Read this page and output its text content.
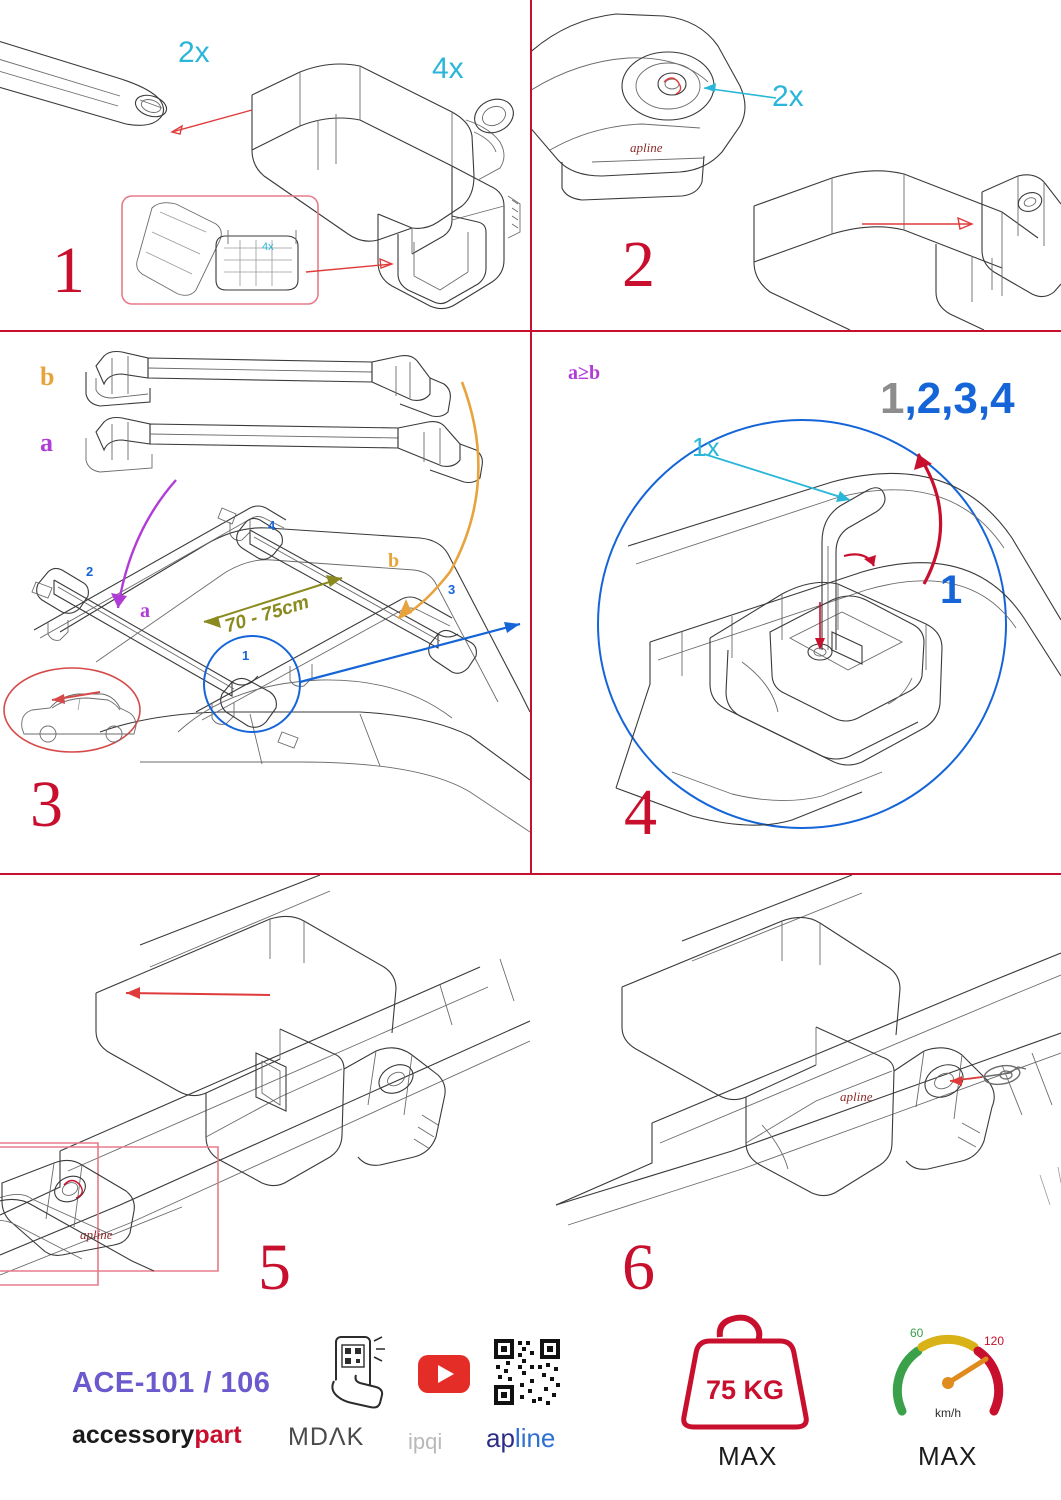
4x
2x	4x
1
apline
2x
2
2
4
3
1
b
a
a
b
70 - 75cm
3
a≥b
1x
1,2,3,4
1
4
apline 5
apline
6
ACE-101 / 106
accessorypart MDΛK ipqi apline
75 KG
MAX
60
120
km/h
MAX
